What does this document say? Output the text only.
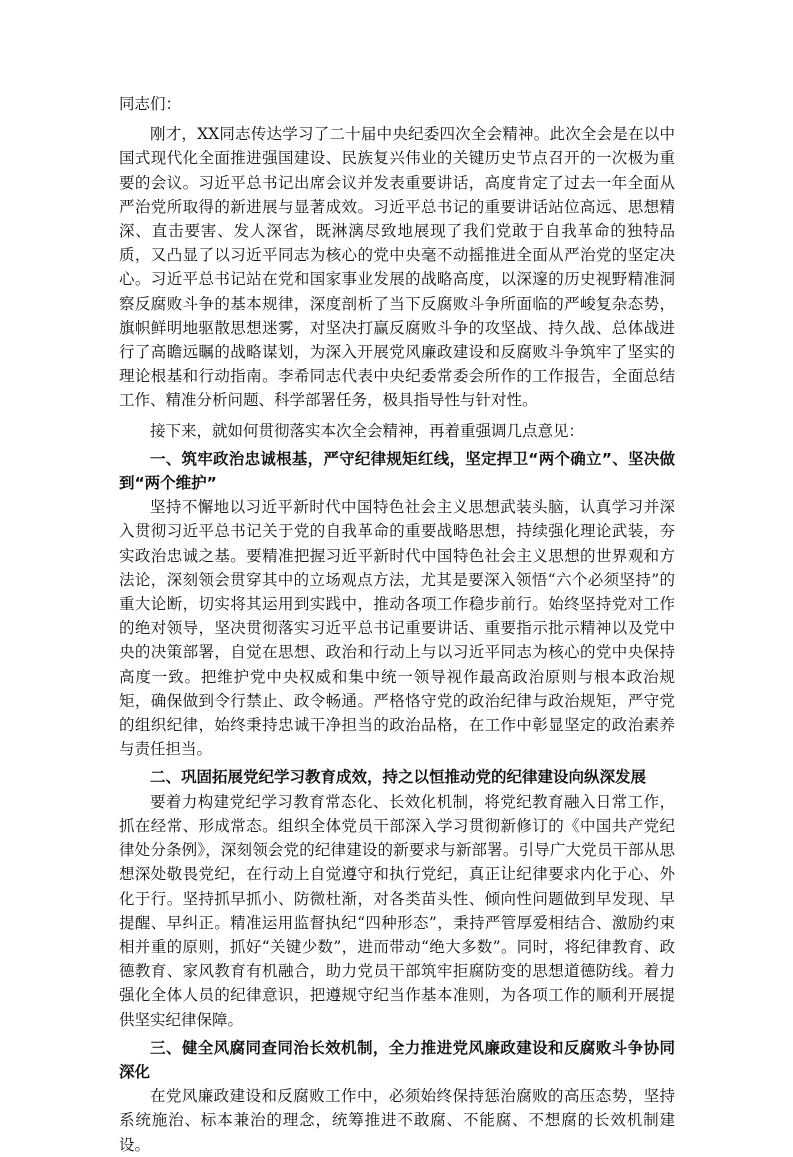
同志们：

刚才，XX同志传达学习了二十届中央纪委四次全会精神。此次全会是在以中国式现代化全面推进强国建设、民族复兴伟业的关键历史节点召开的一次极为重要的会议。习近平总书记出席会议并发表重要讲话，高度肯定了过去一年全面从严治党所取得的新进展与显著成效。习近平总书记的重要讲话站位高远、思想精深、直击要害、发人深省，既淋漓尽致地展现了我们党敢于自我革命的独特品质，又凸显了以习近平同志为核心的党中央毫不动摇推进全面从严治党的坚定决心。习近平总书记站在党和国家事业发展的战略高度，以深邃的历史视野精准洞察反腐败斗争的基本规律，深度剖析了当下反腐败斗争所面临的严峻复杂态势，旗帜鲜明地驱散思想迷雾，对坚决打赢反腐败斗争的攻坚战、持久战、总体战进行了高瞻远瞩的战略谋划，为深入开展党风廉政建设和反腐败斗争筑牢了坚实的理论根基和行动指南。李希同志代表中央纪委常委会所作的工作报告，全面总结工作、精准分析问题、科学部署任务，极具指导性与针对性。

接下来，就如何贯彻落实本次全会精神，再着重强调几点意见：

一、筑牢政治忠诚根基，严守纪律规矩红线，坚定捍卫“两个确立”、坚决做到“两个维护”

坚持不懈地以习近平新时代中国特色社会主义思想武装头脑，认真学习并深入贯彻习近平总书记关于党的自我革命的重要战略思想，持续强化理论武装，夯实政治忠诚之基。要精准把握习近平新时代中国特色社会主义思想的世界观和方法论，深刻领会贯穿其中的立场观点方法，尤其是要深入领悟“六个必须坚持”的重大论断，切实将其运用到实践中，推动各项工作稳步前行。始终坚持党对工作的绝对领导，坚决贯彻落实习近平总书记重要讲话、重要指示批示精神以及党中央的决策部署，自觉在思想、政治和行动上与以习近平同志为核心的党中央保持高度一致。把维护党中央权威和集中统一领导视作最高政治原则与根本政治规矩，确保做到令行禁止、政令畅通。严格恪守党的政治纪律与政治规矩，严守党的组织纪律，始终秉持忠诚干净担当的政治品格，在工作中彰显坚定的政治素养与责任担当。

二、巩固拓展党纪学习教育成效，持之以恒推动党的纪律建设向纵深发展

要着力构建党纪学习教育常态化、长效化机制，将党纪教育融入日常工作，抓在经常、形成常态。组织全体党员干部深入学习贯彻新修订的《中国共产党纪律处分条例》，深刻领会党的纪律建设的新要求与新部署。引导广大党员干部从思想深处敬畏党纪，在行动上自觉遵守和执行党纪，真正让纪律要求内化于心、外化于行。坚持抓早抓小、防微杜渐，对各类苗头性、倾向性问题做到早发现、早提醒、早纠正。精准运用监督执纪“四种形态”，秉持严管厚爱相结合、激励约束相并重的原则，抓好“关键少数”，进而带动“绝大多数”。同时，将纪律教育、政德教育、家风教育有机融合，助力党员干部筑牢拒腐防变的思想道德防线。着力强化全体人员的纪律意识，把遵规守纪当作基本准则，为各项工作的顺利开展提供坚实纪律保障。

三、健全风腐同查同治长效机制，全力推进党风廉政建设和反腐败斗争协同深化

在党风廉政建设和反腐败工作中，必须始终保持惩治腐败的高压态势，坚持系统施治、标本兼治的理念，统筹推进不敢腐、不能腐、不想腐的长效机制建设。
